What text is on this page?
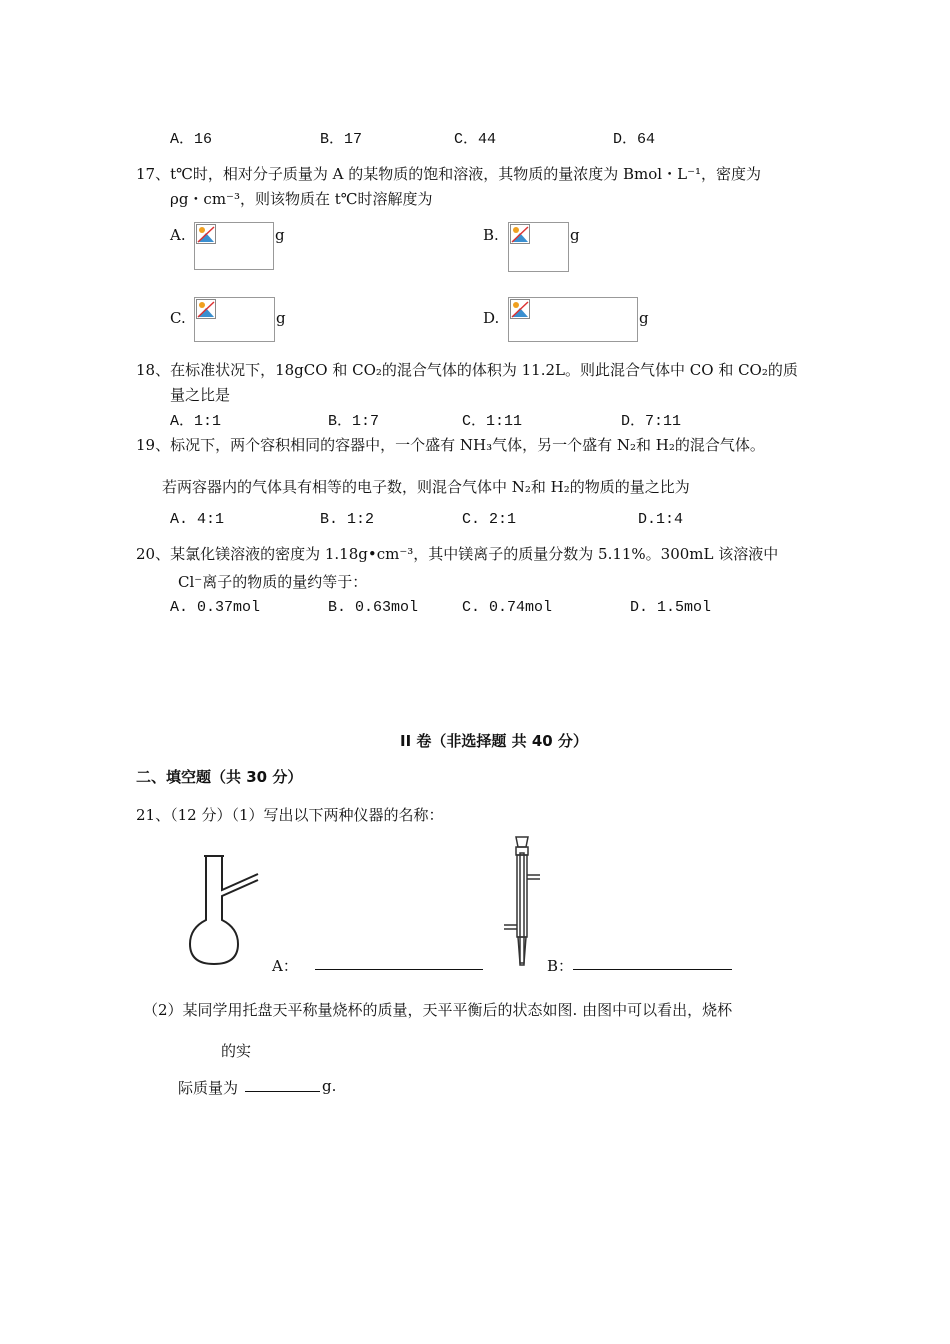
A．16	B．17	C．44	D．64
17、t℃时，相对分子质量为 A 的某物质的饱和溶液，其物质的量浓度为 Bmol・L⁻¹，密度为
ρg・cm⁻³，则该物质在 t℃时溶解度为
A.	g	B.	g
C.	g	D.	g
18、在标准状况下，18gCO 和 CO₂的混合气体的体积为 11.2L。则此混合气体中 CO 和 CO₂的质
量之比是
A．1:1	B．1:7	C．1:11	D．7:11
19、标况下，两个容积相同的容器中，一个盛有 NH₃气体，另一个盛有 N₂和 H₂的混合气体。
若两容器内的气体具有相等的电子数，则混合气体中 N₂和 H₂的物质的量之比为
A. 4:1	B. 1:2	C. 2:1	D.1:4
20、某氯化镁溶液的密度为 1.18g•cm⁻³，其中镁离子的质量分数为 5.11%。300mL 该溶液中
Cl⁻离子的物质的量约等于：
A. 0.37mol	B. 0.63mol	C. 0.74mol	D. 1.5mol
II 卷（非选择题 共 40 分）
二、填空题（共 30 分）
21、（12 分）（1）写出以下两种仪器的名称：
A：	B：
（2）某同学用托盘天平称量烧杯的质量，天平平衡后的状态如图. 由图中可以看出，烧杯
的实
际质量为	g.
